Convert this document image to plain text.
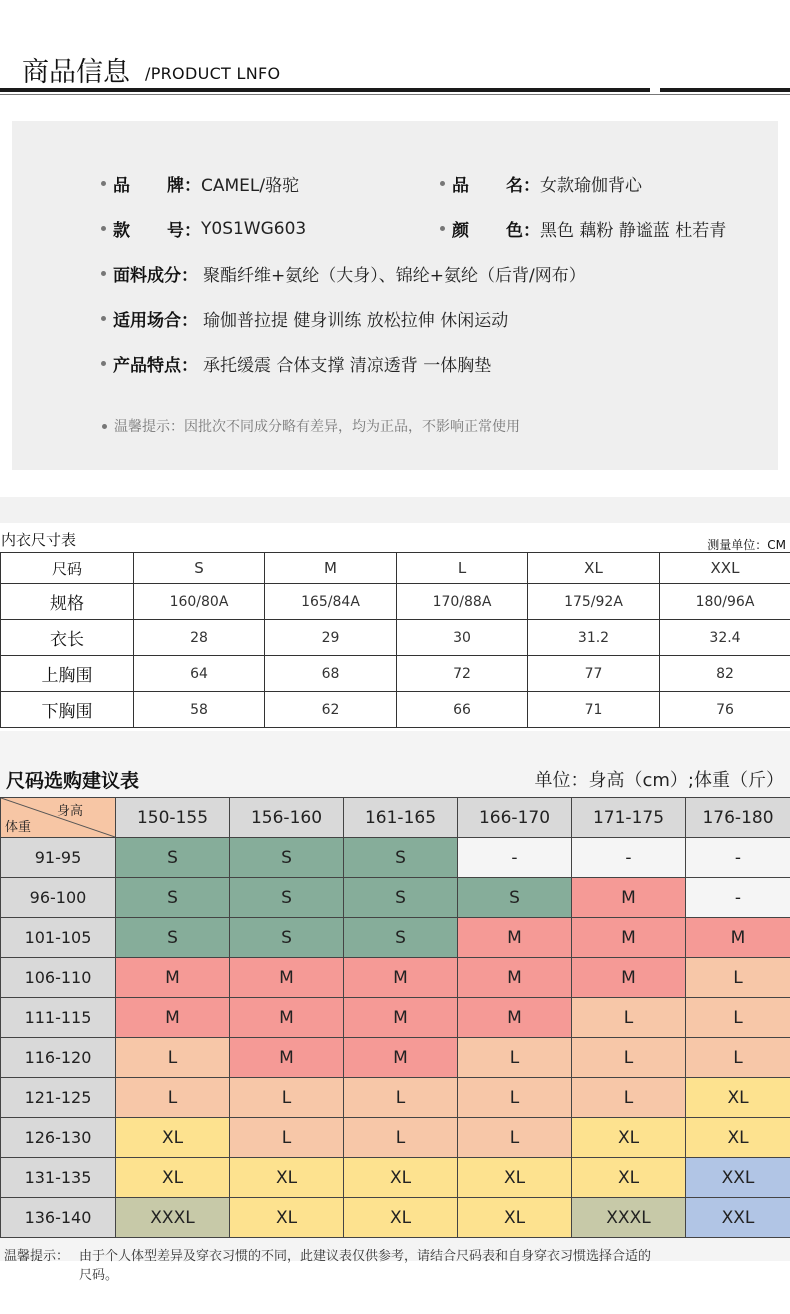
商品信息 /PRODUCT LNFO
品 牌： CAMEL/骆驼	品 名： 女款瑜伽背心
款 号： Y0S1WG603	颜 色： 黑色 藕粉 静谧蓝 杜若青
面料成分： 聚酯纤维+氨纶（大身）、锦纶+氨纶（后背/网布）
适用场合： 瑜伽普拉提 健身训练 放松拉伸 休闲运动
产品特点： 承托缓震 合体支撑 清凉透背 一体胸垫
温馨提示：因批次不同成分略有差异，均为正品，不影响正常使用
内衣尺寸表	测量单位：CM
尺码	S	M	L	XL	XXL
规格	160/80A	165/84A	170/88A	175/92A	180/96A
衣长	28	29	30	31.2	32.4
上胸围	64	68	72	77	82
下胸围	58	62	66	71	76
尺码选购建议表	单位：身高（cm）;体重（斤）
身高
体重	150-155	156-160	161-165	166-170	171-175	176-180
91-95	S	S	S	-	-	-
96-100	S	S	S	S	M	-
101-105	S	S	S	M	M	M
106-110	M	M	M	M	M	L
111-115	M	M	M	M	L	L
116-120	L	M	M	L	L	L
121-125	L	L	L	L	L	XL
126-130	XL	L	L	L	XL	XL
131-135	XL	XL	XL	XL	XL	XXL
136-140	XXXL	XL	XL	XL	XXXL	XXL
温馨提示： 由于个人体型差异及穿衣习惯的不同，此建议表仅供参考，请结合尺码表和自身穿衣习惯选择合适的尺码。
